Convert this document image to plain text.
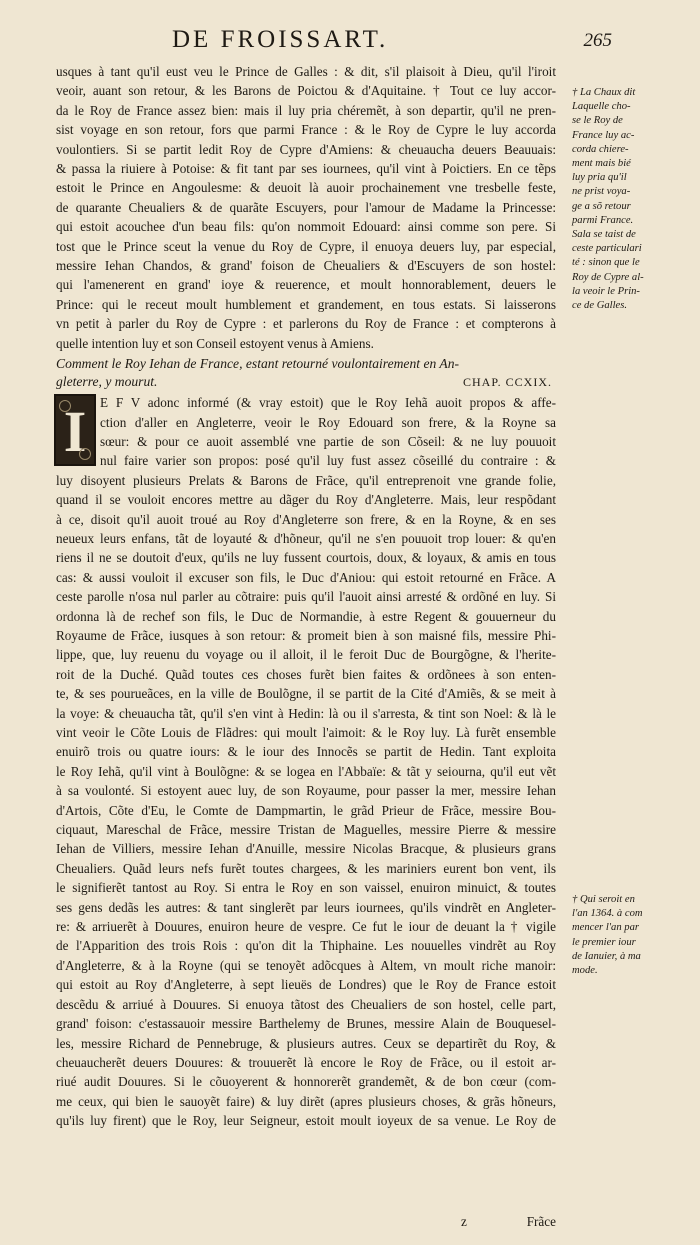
DE FROISSART.	265
usques à tant qu'il eust veu le Prince de Galles : & dit, s'il plaisoit à Dieu, qu'il l'iroit
veoir, auant son retour, & les Barons de Poictou & d'Aquitaine. † Tout ce luy accor-
da le Roy de France assez bien: mais il luy pria chéremẽt, à son departir, qu'il ne pren-
sist voyage en son retour, fors que parmi France : & le Roy de Cypre le luy accorda
voulontiers. Si se partit ledit Roy de Cypre d'Amiens: & cheuaucha deuers Beauuais:
& passa la riuiere à Potoise: & fit tant par ses iournees, qu'il vint à Poictiers. En ce tẽps
estoit le Prince en Angoulesme: & deuoit là auoir prochainement vne tresbelle feste,
de quarante Cheualiers & de quarãte Escuyers, pour l'amour de Madame la Princesse:
qui estoit acouchee d'un beau fils: qu'on nommoit Edouard: ainsi comme son pere. Si
tost que le Prince sceut la venue du Roy de Cypre, il enuoya deuers luy, par especial,
messire Iehan Chandos, & grand' foison de Cheualiers & d'Escuyers de son hostel:
qui l'amenerent en grand' ioye & reuerence, et moult honnorablement, deuers le
Prince: qui le receut moult humblement et grandement, en tous estats. Si laisserons
vn petit à parler du Roy de Cypre : et parlerons du Roy de France : et compterons à
quelle intention luy et son Conseil estoyent venus à Amiens.
Comment le Roy Iehan de France, estant retourné voulontairement en An-
gleterre, y mourut.	CHAP. CCXIX.
I	E F V adonc informé (& vray estoit) que le Roy Iehã auoit propos & affe-
ction d'aller en Angleterre, veoir le Roy Edouard son frere, & la Royne sa
sœur: & pour ce auoit assemblé vne partie de son Cõseil: & ne luy pouuoit
nul faire varier son propos: posé qu'il luy fust assez cõseillé du contraire : &
luy disoyent plusieurs Prelats & Barons de Frãce, qu'il entreprenoit vne grande folie,
quand il se vouloit encores mettre au dãger du Roy d'Angleterre. Mais, leur respõdant
à ce, disoit qu'il auoit troué au Roy d'Angleterre son frere, & en la Royne, & en ses
neueux leurs enfans, tãt de loyauté & d'hõneur, qu'il ne s'en pouuoit trop louer: & qu'en
riens il ne se doutoit d'eux, qu'ils ne luy fussent courtois, doux, & loyaux, & amis en tous
cas: & aussi vouloit il excuser son fils, le Duc d'Aniou: qui estoit retourné en Frãce. A
ceste parolle n'osa nul parler au cõtraire: puis qu'il l'auoit ainsi arresté & ordõné en luy. Si
ordonna là de rechef son fils, le Duc de Normandie, à estre Regent & gouuerneur du
Royaume de Frãce, iusques à son retour: & promeit bien à son maisné fils, messire Phi-
lippe, que, luy reuenu du voyage ou il alloit, il le feroit Duc de Bourgõgne, & l'herite-
roit de la Duché. Quãd toutes ces choses furẽt bien faites & ordõnees à son enten-
te, & ses pourueãces, en la ville de Boulõgne, il se partit de la Cité d'Amiẽs, & se meit à
la voye: & cheuaucha tãt, qu'il s'en vint à Hedin: là ou il s'arresta, & tint son Noel: & là le
vint veoir le Cõte Louis de Flãdres: qui moult l'aimoit: & le Roy luy. Là furẽt ensemble
enuirõ trois ou quatre iours: & le iour des Innocẽs se partit de Hedin. Tant exploita
le Roy Iehã, qu'il vint à Boulõgne: & se logea en l'Abbaïe: & tãt y seiourna, qu'il eut vẽt
à sa voulonté. Si estoyent auec luy, de son Royaume, pour passer la mer, messire Iehan
d'Artois, Cõte d'Eu, le Comte de Dampmartin, le grãd Prieur de Frãce, messire Bou-
ciquaut, Mareschal de Frãce, messire Tristan de Maguelles, messire Pierre & messire
Iehan de Villiers, messire Iehan d'Anuille, messire Nicolas Bracque, & plusieurs grans
Cheualiers. Quãd leurs nefs furẽt toutes chargees, & les mariniers eurent bon vent, ils
le signifierẽt tantost au Roy. Si entra le Roy en son vaissel, enuiron minuict, & toutes
ses gens dedãs les autres: & tant singlerẽt par leurs iournees, qu'ils vindrẽt en Angleter-
re: & arriuerẽt à Douures, enuiron heure de vespre. Ce fut le iour de deuant la † vigile
de l'Apparition des trois Rois : qu'on dit la Thiphaine. Les nouuelles vindrẽt au Roy
d'Angleterre, & à la Royne (qui se tenoyẽt adõcques à Altem, vn moult riche manoir:
qui estoit au Roy d'Angleterre, à sept lieuës de Londres) que le Roy de France estoit
descẽdu & arriué à Douures. Si enuoya tãtost des Cheualiers de son hostel, celle part,
grand' foison: c'estassauoir messire Barthelemy de Brunes, messire Alain de Bouquesel-
les, messire Richard de Pennebruge, & plusieurs autres. Ceux se departirẽt du Roy, &
cheuaucherẽt deuers Douures: & trouuerẽt là encore le Roy de Frãce, ou il estoit ar-
riué audit Douures. Si le cõuoyerent & honnorerẽt grandemẽt, & de bon cœur (com-
me ceux, qui bien le sauoyẽt faire) & luy dirẽt (apres plusieurs choses, & grãs hõneurs,
qu'ils luy firent) que le Roy, leur Seigneur, estoit moult ioyeux de sa venue. Le Roy de
† La Chaux dit
Laquelle cho-
se le Roy de
France luy ac-
corda chiere-
ment mais bié
luy pria qu'il
ne prist voya-
ge a sõ retour
parmi France.
Sala se taist de
ceste particulari
té : sinon que le
Roy de Cypre al-
la veoir le Prin-
ce de Galles.
† Qui seroit en
l'an 1364. à com
mencer l'an par
le premier iour
de Ianuier, à ma
mode.
z	Frãce
